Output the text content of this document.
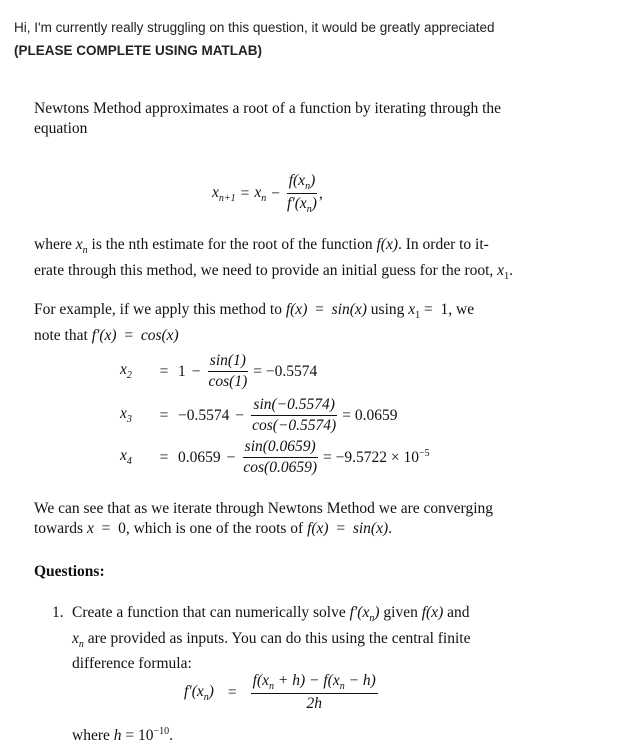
Hi, I'm currently really struggling on this question, it would be greatly appreciated
(PLEASE COMPLETE USING MATLAB)
Newtons Method approximates a root of a function by iterating through the
equation
$x_{n+1} = x_n - \frac{f(x_n)}{f'(x_n)}$ ,
where $x_n$ is the nth estimate for the root of the function f(x). In order to it-
erate through this method, we need to provide an initial guess for the root, $x_1$.
For example, if we apply this method to f(x)  =  sin(x) using $x_1 = 1$, we
note that f′(x)  =  cos(x)
$x_2$	= $1 - \frac{\sin(1)}{\cos(1)} = -0.5574$
$x_3$	= $-0.5574 - \frac{\sin(-0.5574)}{\cos(-0.5574)} = 0.0659$
$x_4$	= $0.0659 - \frac{\sin(0.0659)}{\cos(0.0659)} = -9.5722 \times 10^{-5}$
We can see that as we iterate through Newtons Method we are converging
towards x  =  0, which is one of the roots of f(x)  =  sin(x).
Questions:
1. Create a function that can numerically solve $f'(x_n)$ given f(x) and
$x_n$ are provided as inputs. You can do this using the central finite
difference formula:
$f'(x_n) = \frac{f(x_n + h) - f(x_n - h)}{2h}$
where $h = 10^{-10}$.
